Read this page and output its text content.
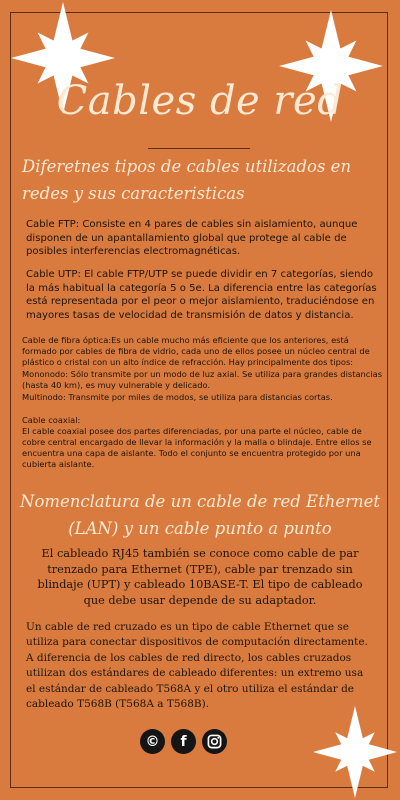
Cables de red
Diferetnes tipos de cables utilizados en redes y sus caracteristicas
Cable FTP: Consiste en 4 pares de cables sin aislamiento, aunque disponen de un apantallamiento global que protege al cable de posibles interferencias electromagnéticas.
Cable UTP: El cable FTP/UTP se puede dividir en 7 categorías, siendo la más habitual la categoría 5 o 5e. La diferencia entre las categorías está representada por el peor o mejor aislamiento, traduciéndose en mayores tasas de velocidad de transmisión de datos y distancia.
Cable de fibra óptica:Es un cable mucho más eficiente que los anteriores, está formado por cables de fibra de vidrio, cada uno de ellos posee un núcleo central de plástico o cristal con un alto índice de refracción. Hay principalmente dos tipos:
Mononodo: Sólo transmite por un modo de luz axial. Se utiliza para grandes distancias (hasta 40 km), es muy vulnerable y delicado.
Multinodo: Transmite por miles de modos, se utiliza para distancias cortas.
Cable coaxial:
El cable coaxial posee dos partes diferenciadas, por una parte el núcleo, cable de cobre central encargado de llevar la información y la malla o blindaje. Entre ellos se encuentra una capa de aislante. Todo el conjunto se encuentra protegido por una cubierta aislante.
Nomenclatura de un cable de red Ethernet (LAN) y un cable punto a punto
El cableado RJ45 también se conoce como cable de par trenzado para Ethernet (TPE), cable par trenzado sin blindaje (UPT) y cableado 10BASE-T. El tipo de cableado que debe usar depende de su adaptador.
Un cable de red cruzado es un tipo de cable Ethernet que se utiliza para conectar dispositivos de computación directamente. A diferencia de los cables de red directo, los cables cruzados utilizan dos estándares de cableado diferentes: un extremo usa el estándar de cableado T568A y el otro utiliza el estándar de cableado T568B (T568A a T568B).
© f
